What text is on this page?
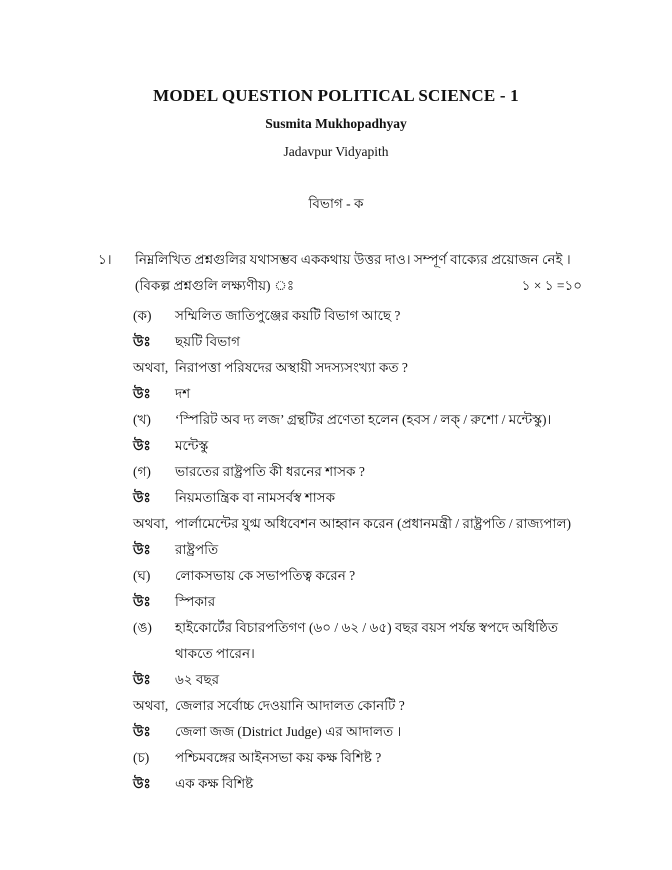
MODEL QUESTION POLITICAL SCIENCE - 1
Susmita Mukhopadhyay
Jadavpur Vidyapith
বিভাগ - ক
১।	নিম্নলিখিত প্রশ্নগুলির যথাসম্ভব এককথায় উত্তর দাও। সম্পূর্ণ বাক্যের প্রয়োজন নেই । (বিকল্প প্রশ্নগুলি লক্ষ্যণীয়) ঃ	১ × ১ =১০
(ক)	সম্মিলিত জাতিপুঞ্জের কয়টি বিভাগ আছে ?
উঃ	ছয়টি বিভাগ
অথবা, নিরাপত্তা পরিষদের অস্থায়ী সদস্যসংখ্যা কত ?
উঃ	দশ
(খ)	‘স্পিরিট অব দ্য লজ’ গ্রন্থটির প্রণেতা হলেন (হবস / লক্ / রুশো / মন্টেস্কু)।
উঃ	মন্টেস্কু
(গ)	ভারতের রাষ্ট্রপতি কী ধরনের শাসক ?
উঃ	নিয়মতান্ত্রিক বা নামসর্বস্ব শাসক
অথবা, পার্লামেন্টের যুগ্ম অধিবেশন আহ্বান করেন (প্রধানমন্ত্রী / রাষ্ট্রপতি / রাজ্যপাল)
উঃ	রাষ্ট্রপতি
(ঘ)	লোকসভায় কে সভাপতিত্ব করেন ?
উঃ	স্পিকার
(ঙ)	হাইকোর্টের বিচারপতিগণ (৬০ / ৬২ / ৬৫) বছর বয়স পর্যন্ত স্বপদে অধিষ্ঠিত থাকতে পারেন।
উঃ	৬২ বছর
অথবা, জেলার সর্বোচ্চ দেওয়ানি আদালত কোনটি ?
উঃ	জেলা জজ (District Judge) এর আদালত ।
(চ)	পশ্চিমবঙ্গের আইনসভা কয় কক্ষ বিশিষ্ট ?
উঃ	এক কক্ষ বিশিষ্ট
